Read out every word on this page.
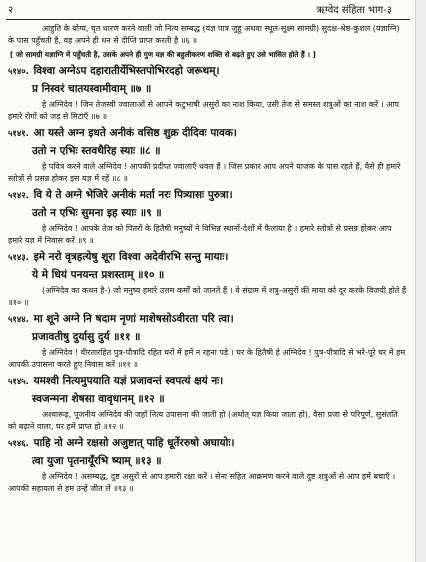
२	ऋग्वेद संहिता भाग-३

आहुति के योग्य, घृत धारण करने वाली जो नित्य सम्बद्ध (यज्ञ पात्र जुहू अथवा स्थूल-सूक्ष्म सामग्री) सुदक्ष-श्रेष्ठ-कुशल (यज्ञाग्नि) के पास पहुँचती है, वह अपने ही धन से दीप्ति प्राप्त करती है ॥६ ॥

[ जो सामग्री यज्ञाग्नि में पहुँचती है, उसके अपने ही गुण यज्ञ की बहुलीकरण शक्ति से बढ़ते हुए उसे भासित होते हैं । ]
५१४०. विश्वा अग्नेऽप दहारातीर्येभिस्तपोभिरदहो जरूथम्।
प्र निस्वरं चातयस्वामीवाम् ॥७ ॥

हे अग्निदेव ! जिन तेजस्वी ज्वालाओं से आपने कटुभाषी असुरों का नाश किया, उसी तेज से समस्त शत्रुओं का नाश करें । आप हमारे रोगों को जड़ से मिटाएँ ॥७ ॥

५१४१. आ यस्ते अग्न इधते अनीकं वसिष्ठ शुक्र दीदिवः पावक।
उतो न एभिः स्तवथैरिह स्याः ॥८ ॥

हे पवित्र करने वाले अग्निदेव ! आपकी प्रदीप्त ज्वालाएँ धवल हैं । जिस प्रकार आप अपने याजक के पास रहते हैं, वैसे ही हमारे स्तोत्रों से प्रसन्न होकर इस यज्ञ में रहें ॥८ ॥

५१४२. वि ये ते अग्ने भेजिरे अनीकं मर्ता नरः पित्र्यासः पुरुत्रा।
उतो न एभिः सुमना इह स्याः ॥९ ॥

हे अग्निदेव ! आपके तेज को पितरों के हितैषी मनुष्यों ने विभिन्न स्थानों-देशों में फैलाया है । हमारे स्तोत्रों से प्रसन्न होकर आप हमारे यज्ञ में निवास करें ॥९ ॥

५१४३. इमे नरो वृत्रहत्येषु शूरा विश्वा अदेवीरभि सन्तु मायाः।
ये मे धियं पनयन्त प्रशस्ताम् ॥१० ॥

(अग्निदेव का कथन है-) जो मनुष्य हमारे उत्तम कर्मों को जानते हैं । वे संग्राम में शत्रु-असुरों की माया को दूर करके विजयी होते हैं ॥१० ॥

५१४४. मा शूने अग्ने नि षदाम नृणां माशेषसोऽवीरता परि त्वा।
प्रजावतीषु दुर्यासु दुर्य ॥११ ॥

हे अग्निदेव ! वीरतारहित पुत्र-पौत्रादि रहित घरों में हमें न रहना पड़े । घर के हितैषी हे अग्निदेव ! पुत्र-पौत्रादि से भरे-पूरे घर में हम आपकी उपासना करते हुए निवास करें ॥११ ॥

५१४५. यमश्वी नित्यमुपयाति यज्ञं प्रजावन्तं स्वपत्यं क्षयं नः।
स्वजन्मना शेषसा वावृधानम् ॥१२ ॥

अश्वारूढ़, पूजनीय अग्निदेव की जहाँ नित्य उपासना की जाती हो (अर्थात् यज्ञ किया जाता हो), वैसा प्रजा से परिपूर्ण, सुसंतति को बढ़ाने वाला, घर हमें प्राप्त हो ॥१२ ॥

५१४६. पाहि नो अग्ने रक्षसो अजुष्टात् पाहि धूर्तेररुषो अघायोः।
त्वा युजा पृतनायूँरभि ष्याम् ॥१३ ॥

हे अग्निदेव ! असम्बद्ध, दुष्ट असुरों से आप हमारी रक्षा करें । सेना सहित आक्रमण करने वाले दुष्ट शत्रुओं से आप हमें बचाएँ । आपकी सहायता से हम उन्हें जीत लें ॥१३ ॥
